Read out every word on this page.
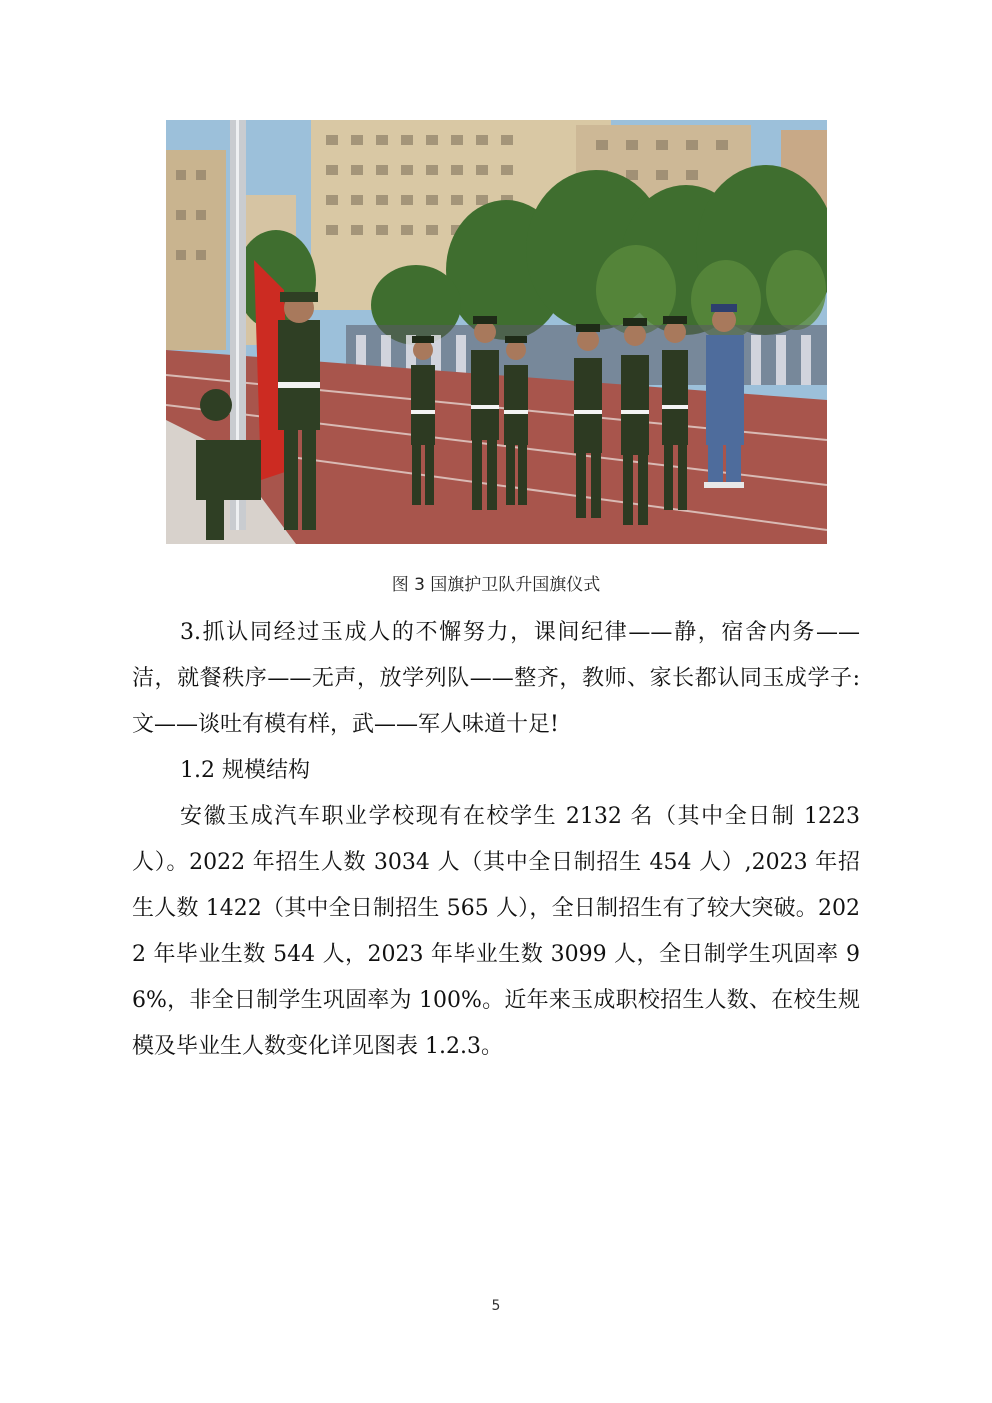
图 3 国旗护卫队升国旗仪式

3.抓认同经过玉成人的不懈努力，课间纪律——静，宿舍内务——洁，就餐秩序——无声，放学列队——整齐，教师、家长都认同玉成学子:文——谈吐有模有样，武——军人味道十足!

1.2 规模结构

安徽玉成汽车职业学校现有在校学生 2132 名（其中全日制 1223 人）。2022 年招生人数 3034 人（其中全日制招生 454 人）,2023 年招生人数 1422（其中全日制招生 565 人），全日制招生有了较大突破。2022 年毕业生数 544 人，2023 年毕业生数 3099 人，全日制学生巩固率 96%，非全日制学生巩固率为 100%。近年来玉成职校招生人数、在校生规模及毕业生人数变化详见图表 1.2.3。

5
